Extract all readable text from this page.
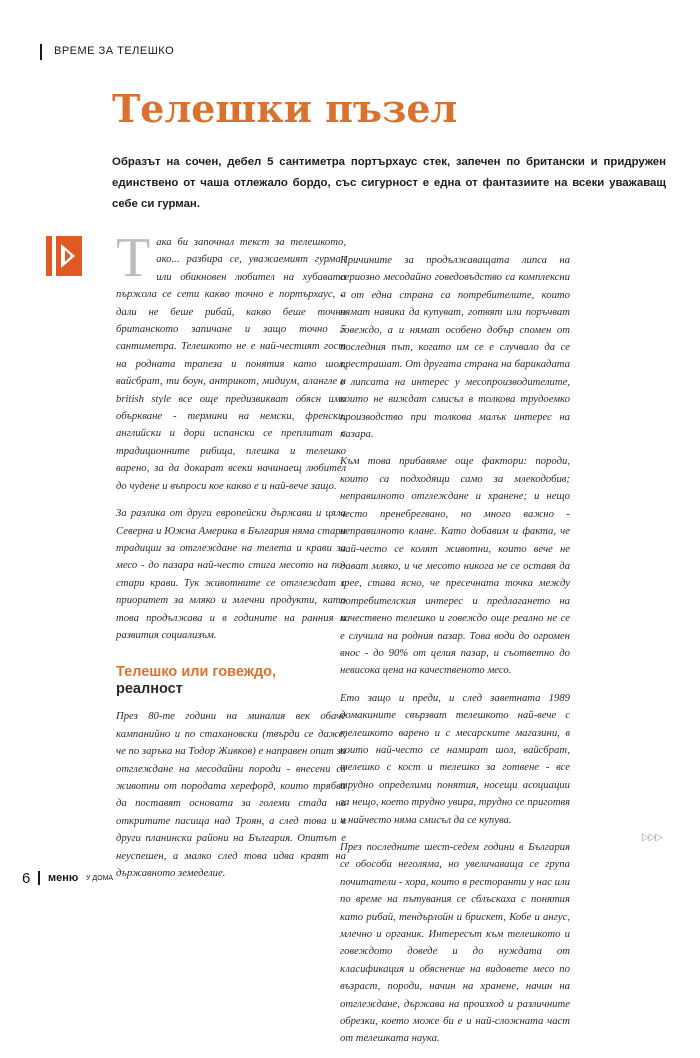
ВРЕМЕ ЗА ТЕЛЕШКО
Телешки пъзел

Образът на сочен, дебел 5 сантиметра портърхаус стек, запечен по британски и придружен единствено от чаша отлежало бордо, със сигурност е една от фантазиите на всеки уважаващ себе си гурман.

Така би започнал текст за телешкото, ако... разбира се, уважаемият гурман или обикновен любител на хубавата пържола се сети какво точно е портърхаус, а дали не беше рибай, какво беше точно британското запичане и защо точно 5 сантиметра. Телешкото не е най-честият гост на родната трапеза и понятия като шол, вайсбрат, ти боун, антрикот, мидиум, аланглe и british style все още предизвикват обясн имо объркване - термини на немски, френски, английски и дори испански се преплитат с традиционните рибица, плешка и телешко варено, за да докарат всеки начинаещ любител до чудене и въпроси кое какво е и най-вече защо.

За разлика от други европейски държави и цяла Северна и Южна Америка в България няма стари традиции за отглеждане на телета и крави за месо - до пазара най-често стига месото на по-стари крави. Тук животните се отглеждат с приоритет за мляко и млечни продукти, като това продължава и в годините на ранния и развития социализъм.

Телешко или говеждо,
реалност

През 80-те години на миналия век обаче кампанийно и по стахановски (твърди се даже, че по заръка на Тодор Живков) е направен опит за отглеждане на месодайни породи - внесени са животни от породата херефорд, които трябва да поставят основата за големи стада на откритите пасища над Троян, а след това и в други планински райони на България. Опитът е неуспешен, а малко след това идва краят на държавното земеделие.

Причините за продължаващата липса на сериозно месодайно говедовъдство са комплексни - от една страна са потребителите, които нямат навика да купуват, готвят или поръчват говеждо, а и нямат особено добър спомен от последния път, когато им се е случвало да се престрашат. От другата страна на барикадата е липсата на интерес у месопроизводителите, които не виждат смисъл в толкова трудоемко производство при толкова малък интерес на пазара.

Към това прибавяме още фактори: породи, които са подходящи само за млекодобив; неправилното отглеждане и хранене; и нещо често пренебрегвано, но много важно - неправилното клане. Като добавим и факта, че най-често се колят животни, които вече не дават мляко, и че месото никога не се оставя да зрее, става ясно, че пресечната точка между потребителския интерес и предлагането на качествено телешко и говеждо още реално не се е случила на родния пазар. Това води до огромен внос - до 90% от целия пазар, и съответно до невисока цена на качественото месо.

Ето защо и преди, и след заветната 1989 домакините свързват телешкото най-вече с телешкото варено и с месарските магазини, в които най-често се намират шол, вайсбрат, телешко с кост и телешко за готвене - все трудно определими понятия, носещи асоциации за нещо, което трудно увира, трудно се приготвя и найчесто няма смисъл да се купува.

През последните шест-седем години в България се обособи неголяма, но увеличаваща се група почитатели - хора, които в ресторанти у нас или по време на пътувания се сблъскаха с понятия като рибай, тендърлойн и брискет, Кобе и ангус, млечно и органик. Интересът към телешкото и говеждото доведе и до нуждата от класификация и обяснение на видовете месо по възраст, породи, начин на хранене, начин на отглеждане, държава на произход и различните обрезки, което може би е и най-сложната част от телешката наука.

▷▷▷
6 меню У ДОМА
